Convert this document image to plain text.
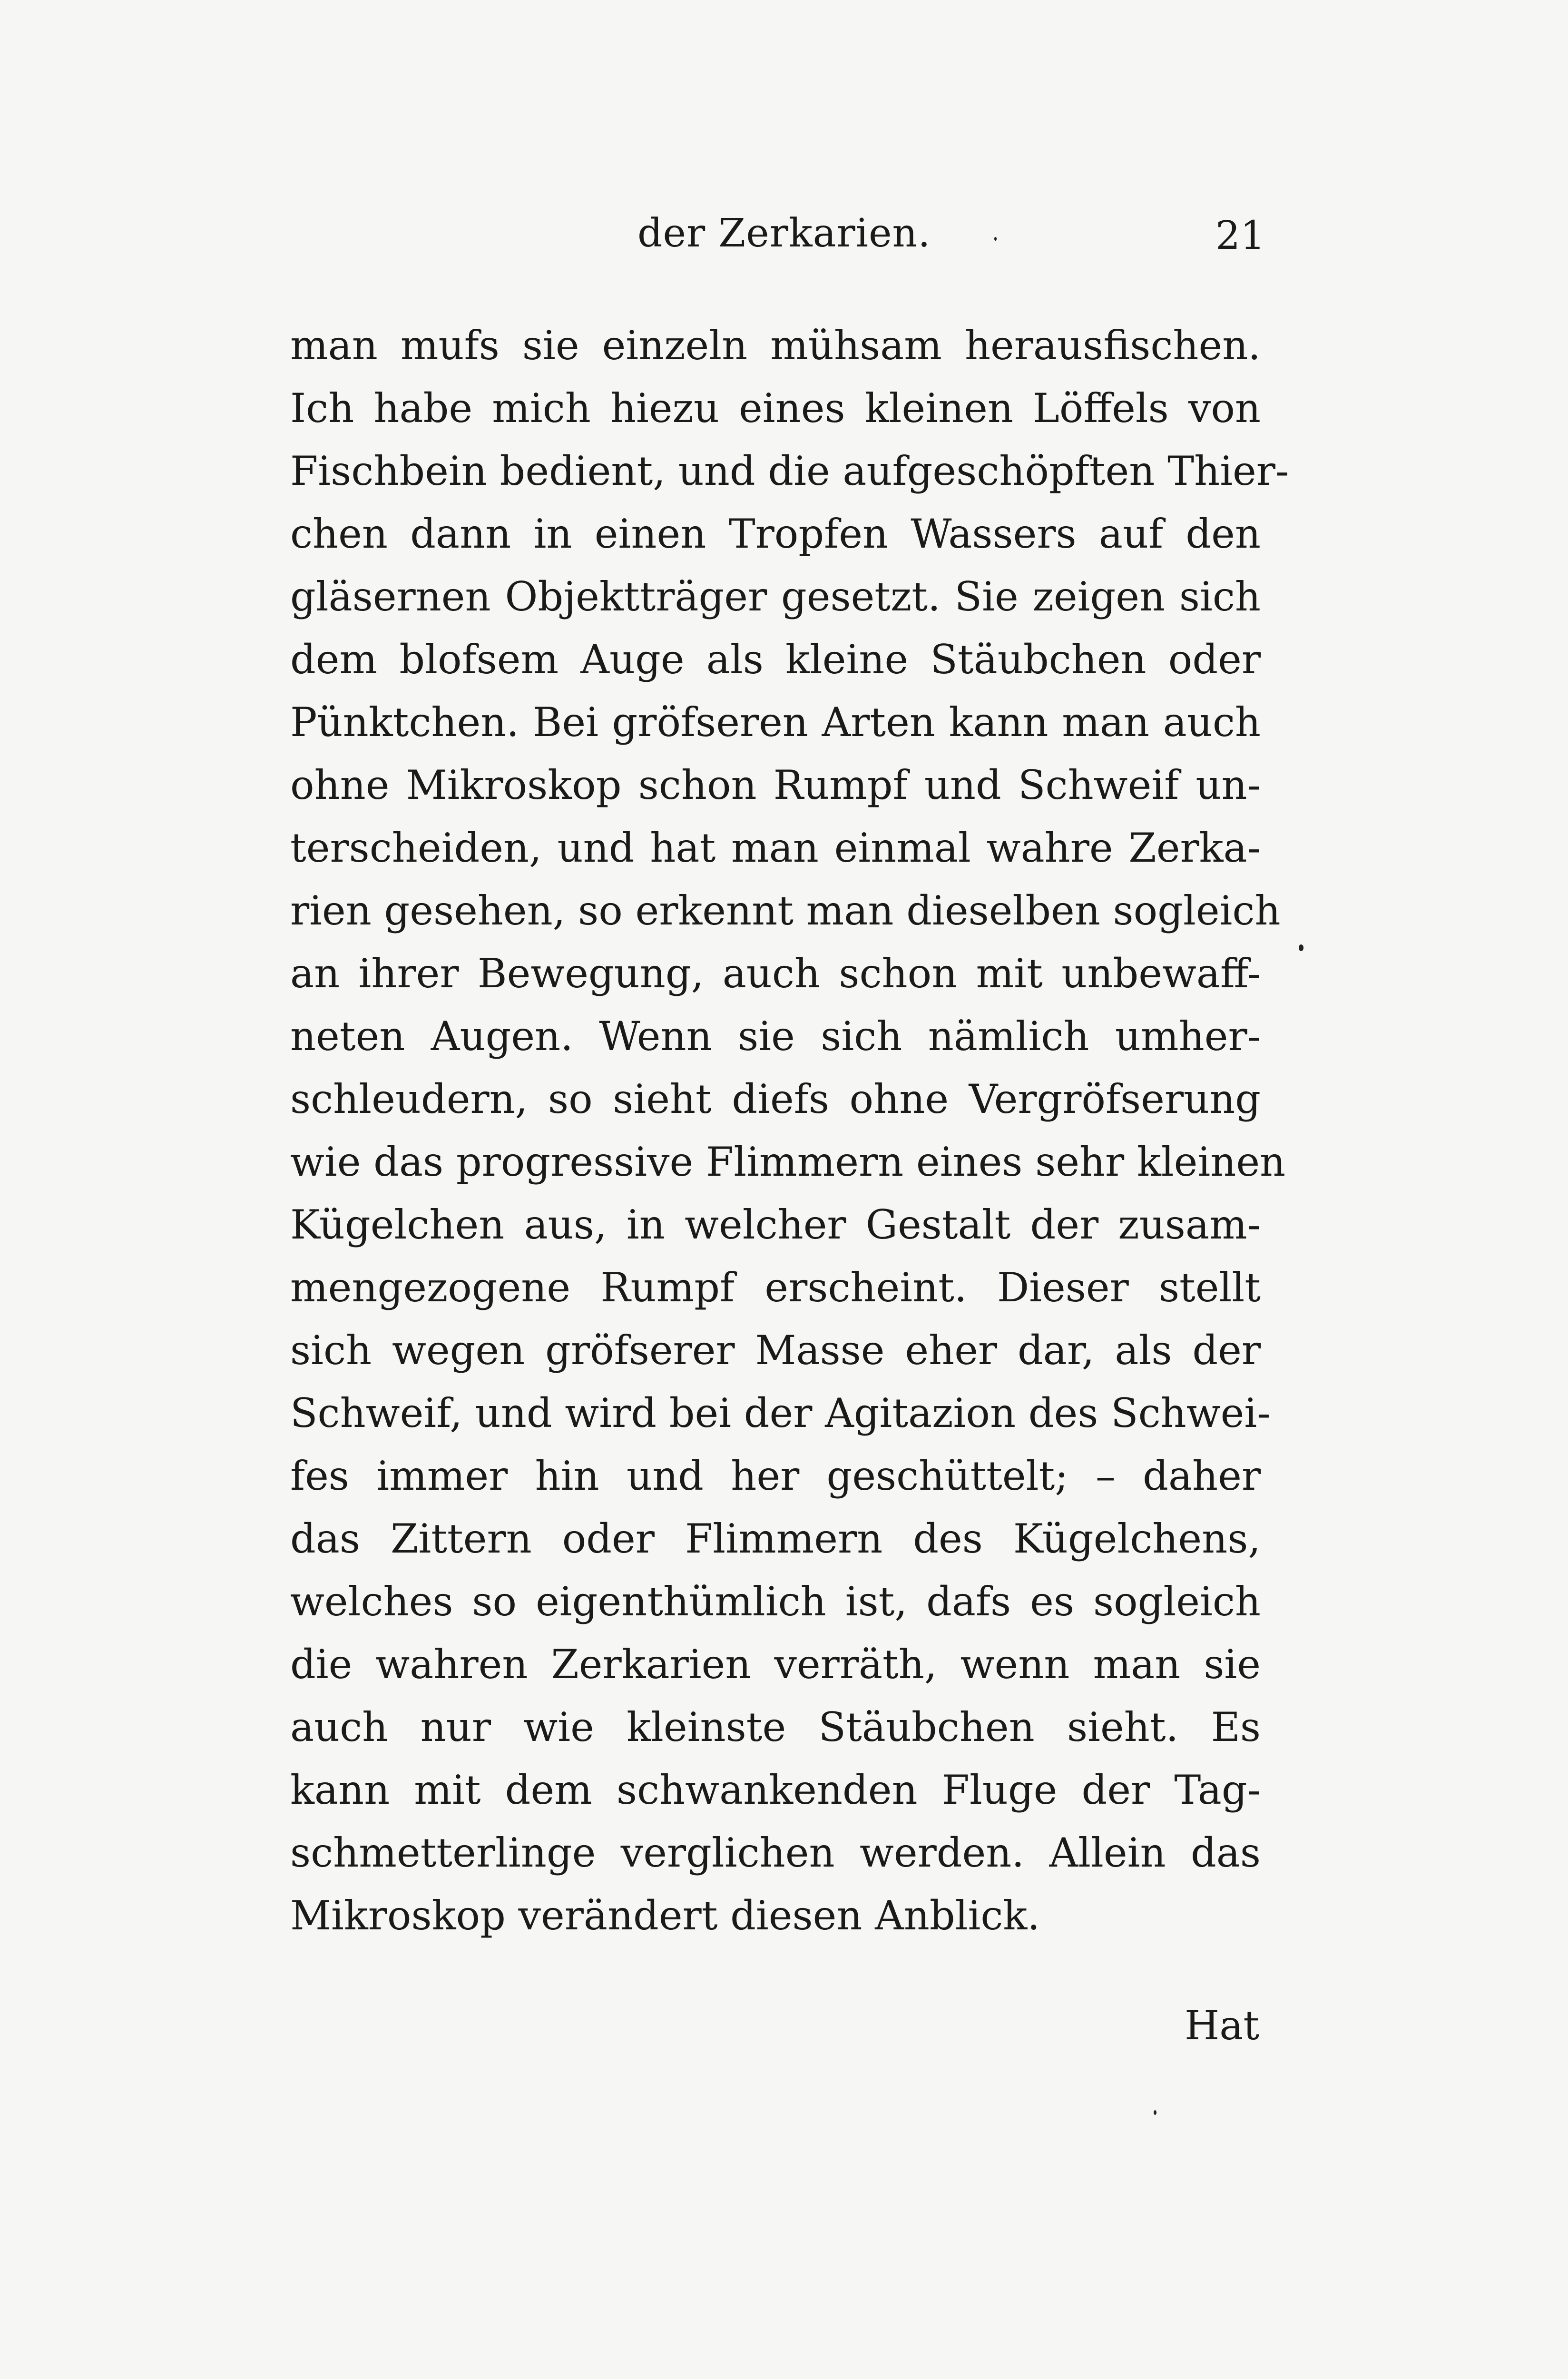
der Zerkarien.	21
man mufs sie einzeln mühsam herausfischen.
Ich habe mich hiezu eines kleinen Löffels von
Fischbein bedient, und die aufgeschöpften Thier-
chen dann in einen Tropfen Wassers auf den
gläsernen Objektträger gesetzt. Sie zeigen sich
dem blofsem Auge als kleine Stäubchen oder
Pünktchen. Bei gröfseren Arten kann man auch
ohne Mikroskop schon Rumpf und Schweif un-
terscheiden, und hat man einmal wahre Zerka-
rien gesehen, so erkennt man dieselben sogleich
an ihrer Bewegung, auch schon mit unbewaff-
neten Augen. Wenn sie sich nämlich umher-
schleudern, so sieht diefs ohne Vergröfserung
wie das progressive Flimmern eines sehr kleinen
Kügelchen aus, in welcher Gestalt der zusam-
mengezogene Rumpf erscheint. Dieser stellt
sich wegen gröfserer Masse eher dar, als der
Schweif, und wird bei der Agitazion des Schwei-
fes immer hin und her geschüttelt; – daher
das Zittern oder Flimmern des Kügelchens,
welches so eigenthümlich ist, dafs es sogleich
die wahren Zerkarien verräth, wenn man sie
auch nur wie kleinste Stäubchen sieht. Es
kann mit dem schwankenden Fluge der Tag-
schmetterlinge verglichen werden. Allein das
Mikroskop verändert diesen Anblick.
Hat
